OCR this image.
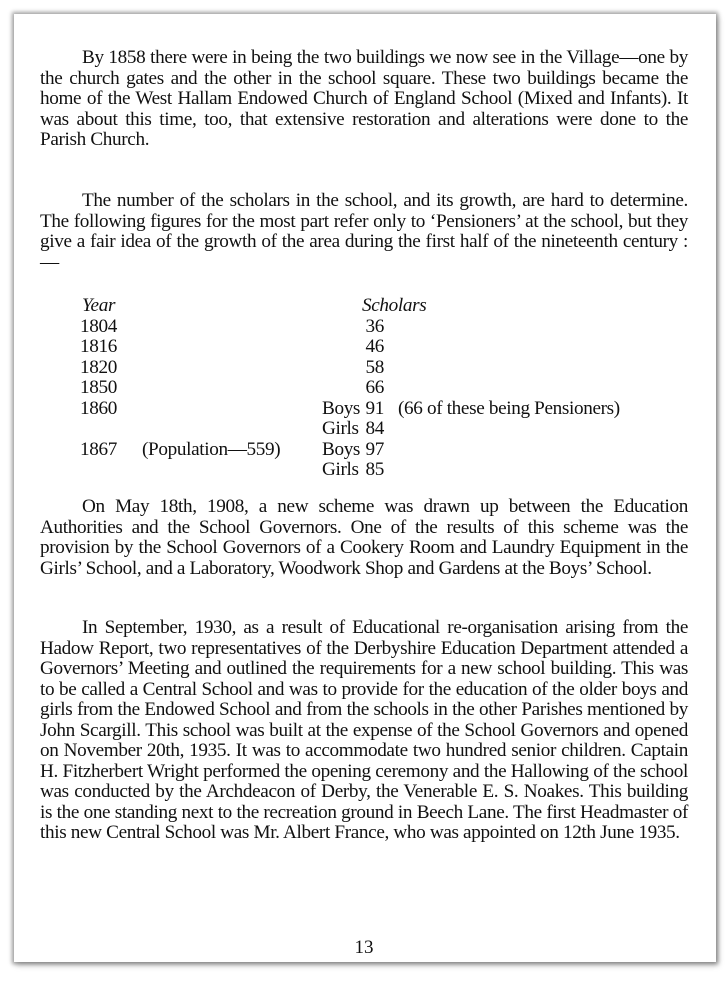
By 1858 there were in being the two buildings we now see in the Village—one by the church gates and the other in the school square. These two buildings became the home of the West Hallam Endowed Church of England School (Mixed and Infants). It was about this time, too, that extensive restoration and alterations were done to the Parish Church.

The number of the scholars in the school, and its growth, are hard to determine. The following figures for the most part refer only to ‘Pensioners’ at the school, but they give a fair idea of the growth of the area during the first half of the nineteenth century :—

Year	Scholars
1804	36
1816	46
1820	58
1850	66
1860	Boys 91 (66 of these being Pensioners)
Girls 84
1867 (Population—559) Boys 97
Girls 85

On May 18th, 1908, a new scheme was drawn up between the Education Authorities and the School Governors. One of the results of this scheme was the provision by the School Governors of a Cookery Room and Laundry Equipment in the Girls’ School, and a Laboratory, Woodwork Shop and Gardens at the Boys’ School.

In September, 1930, as a result of Educational re-organisation arising from the Hadow Report, two representatives of the Derbyshire Education Department attended a Governors’ Meeting and outlined the requirements for a new school building. This was to be called a Central School and was to provide for the education of the older boys and girls from the Endowed School and from the schools in the other Parishes mentioned by John Scargill. This school was built at the expense of the School Governors and opened on November 20th, 1935. It was to accommodate two hundred senior children. Captain H. Fitzherbert Wright performed the opening ceremony and the Hallowing of the school was conducted by the Archdeacon of Derby, the Venerable E. S. Noakes. This building is the one standing next to the recreation ground in Beech Lane. The first Headmaster of this new Central School was Mr. Albert France, who was appointed on 12th June 1935.

13
